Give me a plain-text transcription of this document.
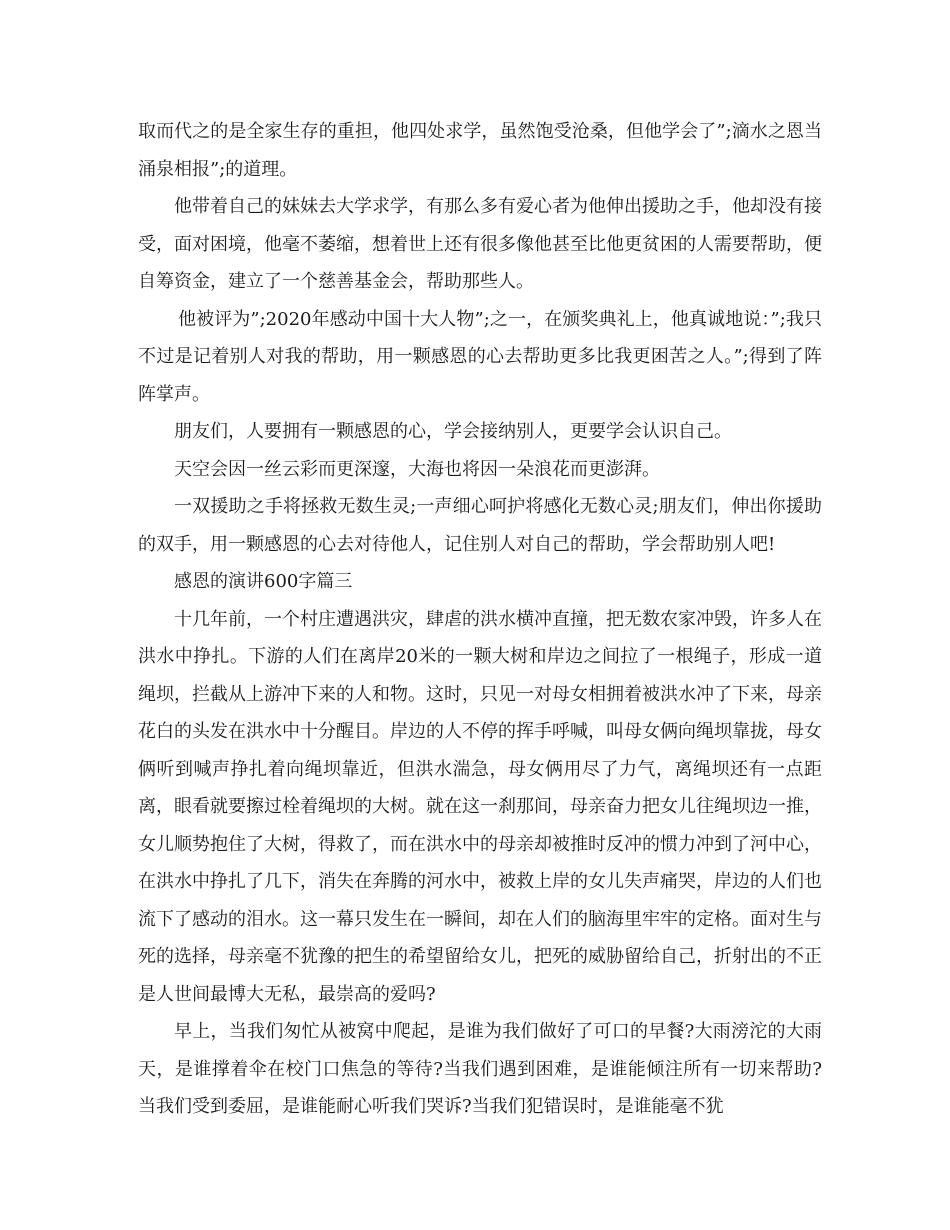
取而代之的是全家生存的重担，他四处求学，虽然饱受沧桑，但他学会了”;滴水之恩当涌泉相报”;的道理。

他带着自己的妹妹去大学求学，有那么多有爱心者为他伸出援助之手，他却没有接受，面对困境，他毫不萎缩，想着世上还有很多像他甚至比他更贫困的人需要帮助，便自筹资金，建立了一个慈善基金会，帮助那些人。

他被评为”;2020年感动中国十大人物”;之一，在颁奖典礼上，他真诚地说：”;我只不过是记着别人对我的帮助，用一颗感恩的心去帮助更多比我更困苦之人。”;得到了阵阵掌声。

朋友们，人要拥有一颗感恩的心，学会接纳别人，更要学会认识自己。

天空会因一丝云彩而更深邃，大海也将因一朵浪花而更澎湃。

一双援助之手将拯救无数生灵;一声细心呵护将感化无数心灵;朋友们，伸出你援助的双手，用一颗感恩的心去对待他人，记住别人对自己的帮助，学会帮助别人吧!

感恩的演讲600字篇三

十几年前，一个村庄遭遇洪灾，肆虐的洪水横冲直撞，把无数农家冲毁，许多人在洪水中挣扎。下游的人们在离岸20米的一颗大树和岸边之间拉了一根绳子，形成一道绳坝，拦截从上游冲下来的人和物。这时，只见一对母女相拥着被洪水冲了下来，母亲花白的头发在洪水中十分醒目。岸边的人不停的挥手呼喊，叫母女俩向绳坝靠拢，母女俩听到喊声挣扎着向绳坝靠近，但洪水湍急，母女俩用尽了力气，离绳坝还有一点距离，眼看就要擦过栓着绳坝的大树。就在这一刹那间，母亲奋力把女儿往绳坝边一推，女儿顺势抱住了大树，得救了，而在洪水中的母亲却被推时反冲的惯力冲到了河中心，在洪水中挣扎了几下，消失在奔腾的河水中，被救上岸的女儿失声痛哭，岸边的人们也流下了感动的泪水。这一幕只发生在一瞬间，却在人们的脑海里牢牢的定格。面对生与死的选择，母亲毫不犹豫的把生的希望留给女儿，把死的威胁留给自己，折射出的不正是人世间最博大无私，最崇高的爱吗?

早上，当我们匆忙从被窝中爬起，是谁为我们做好了可口的早餐?大雨滂沱的大雨天，是谁撑着伞在校门口焦急的等待?当我们遇到困难，是谁能倾注所有一切来帮助?当我们受到委屈，是谁能耐心听我们哭诉?当我们犯错误时，是谁能毫不犹
